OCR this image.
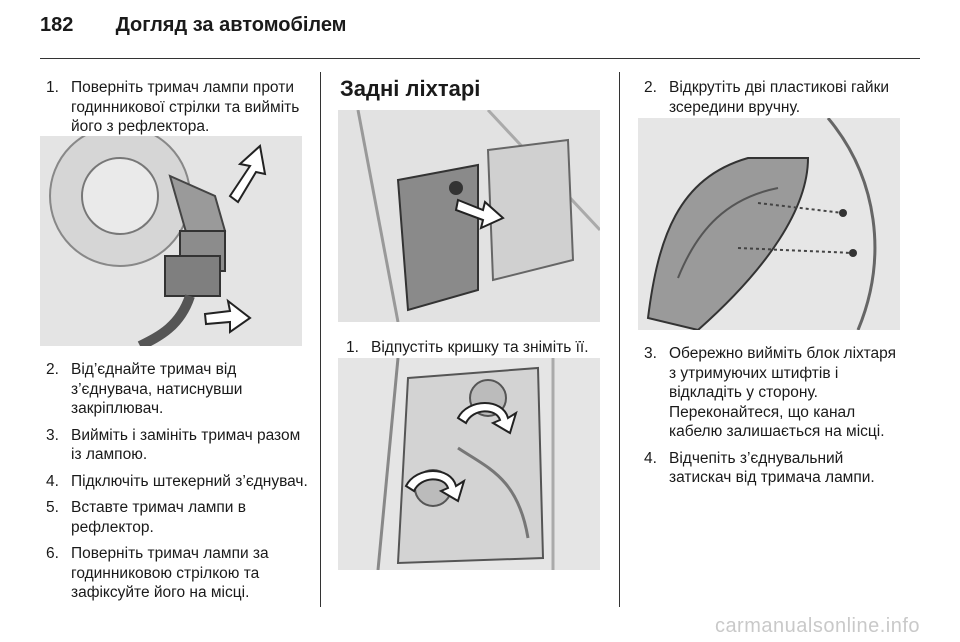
182 Догляд за автомобілем
1. Поверніть тримач лампи проти годинникової стрілки та вийміть його з рефлектора.
2. Від’єднайте тримач від з’єднувача, натиснувши закріплювач.
3. Вийміть і замініть тримач разом із лампою.
4. Підключіть штекерний з’єднувач.
5. Вставте тримач лампи в рефлектор.
6. Поверніть тримач лампи за годинниковою стрілкою та зафіксуйте його на місці.
Задні ліхтарі
1. Відпустіть кришку та зніміть її.
2. Відкрутіть дві пластикові гайки зсередини вручну.
3. Обережно вийміть блок ліхтаря з утримуючих штифтів і відкладіть у сторону. Переконайтеся, що канал кабелю залишається на місці.
4. Відчепіть з’єднувальний затискач від тримача лампи.
carmanualsonline.info
